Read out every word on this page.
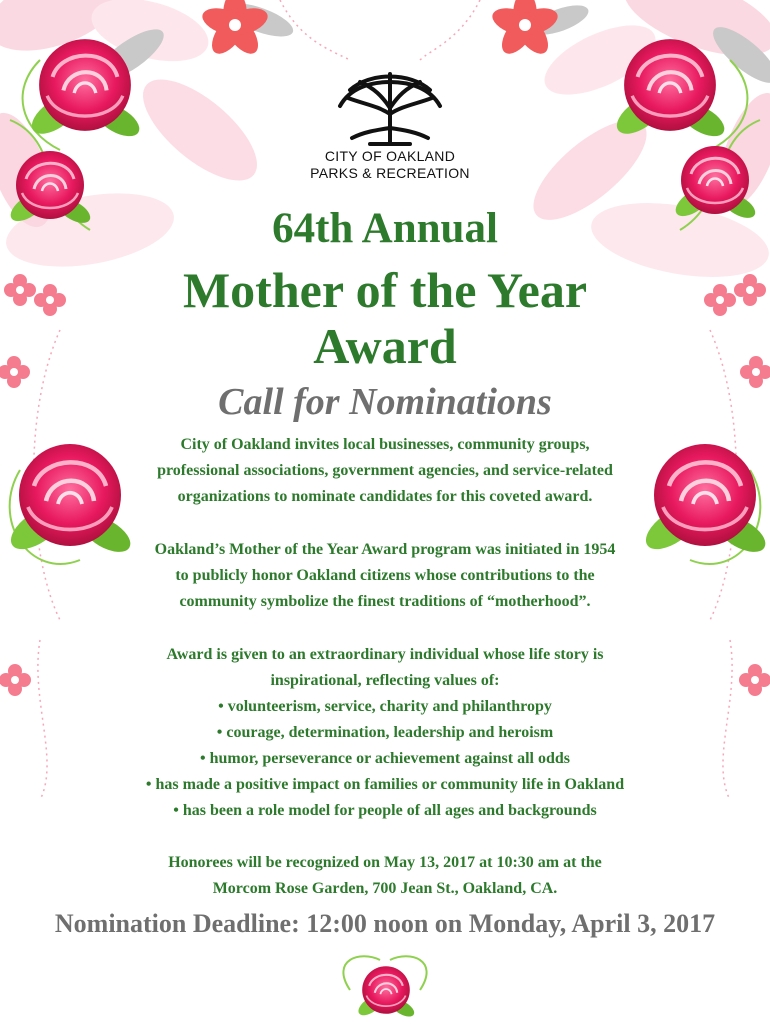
CITY OF OAKLAND
PARKS & RECREATION
64th Annual
Mother of the Year
Award
Call for Nominations
City of Oakland invites local businesses, community groups,
professional associations, government agencies, and service-related
organizations to nominate candidates for this coveted award.
Oakland’s Mother of the Year Award program was initiated in 1954
to publicly honor Oakland citizens whose contributions to the
community symbolize the finest traditions of “motherhood”.
Award is given to an extraordinary individual whose life story is
inspirational, reflecting values of:
• volunteerism, service, charity and philanthropy
• courage, determination, leadership and heroism
• humor, perseverance or achievement against all odds
• has made a positive impact on families or community life in Oakland
• has been a role model for people of all ages and backgrounds
Honorees will be recognized on May 13, 2017 at 10:30 am at the
Morcom Rose Garden, 700 Jean St., Oakland, CA.
Nomination Deadline: 12:00 noon on Monday, April 3, 2017
